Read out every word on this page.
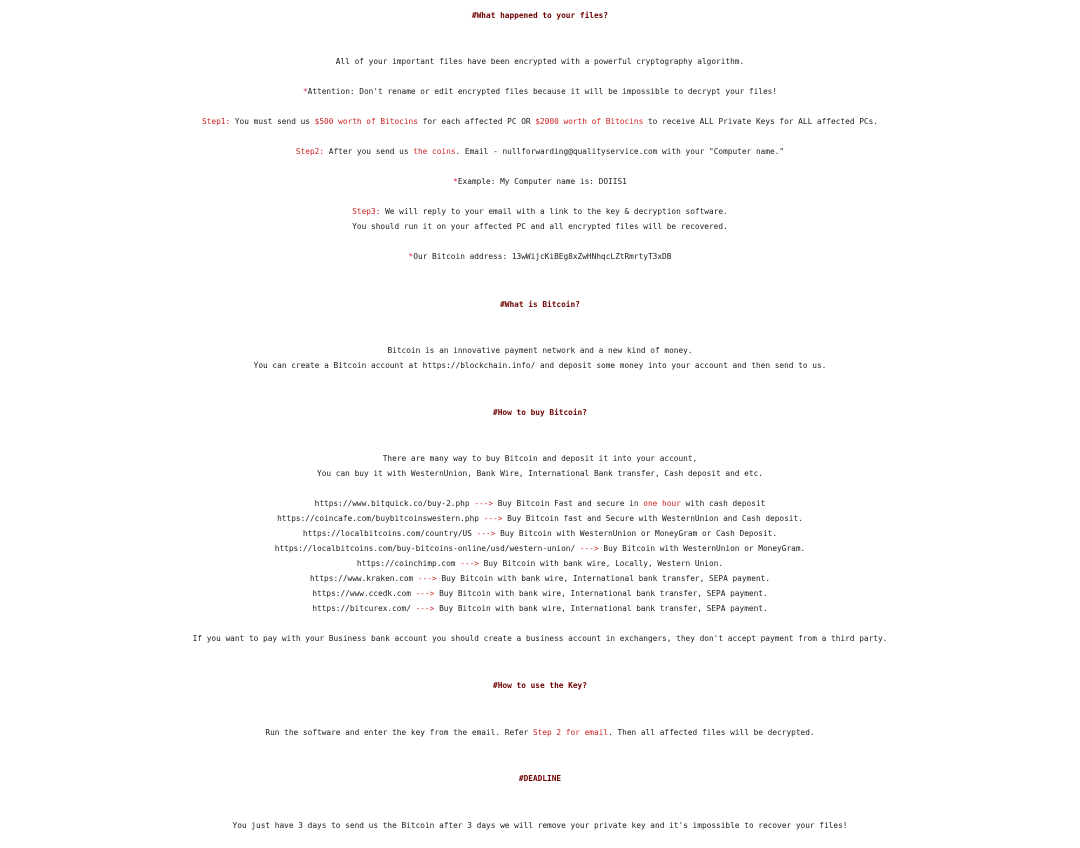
#What happened to your files?
All of your important files have been encrypted with a powerful cryptography algorithm.
*Attention: Don't rename or edit encrypted files because it will be impossible to decrypt your files!
Step1: You must send us $500 worth of Bitocins for each affected PC OR $2000 worth of Bitocins to receive ALL Private Keys for ALL affected PCs.
Step2: After you send us the coins. Email - nullforwarding@qualityservice.com with your "Computer name."
*Example: My Computer name is: DOIIS1
Step3: We will reply to your email with a link to the key & decryption software.
You should run it on your affected PC and all encrypted files will be recovered.
*Our Bitcoin address: 13wWijcKiBEg8xZwHNhqcLZtRmrtyT3xDB
#What is Bitcoin?
Bitcoin is an innovative payment network and a new kind of money.
You can create a Bitcoin account at https://blockchain.info/ and deposit some money into your account and then send to us.
#How to buy Bitcoin?
There are many way to buy Bitcoin and deposit it into your account,
You can buy it with WesternUnion, Bank Wire, International Bank transfer, Cash deposit and etc.
https://www.bitquick.co/buy-2.php ---> Buy Bitcoin Fast and secure in one hour with cash deposit
https://coincafe.com/buybitcoinswestern.php ---> Buy Bitcoin fast and Secure with WesternUnion and Cash deposit.
https://localbitcoins.com/country/US ---> Buy Bitcoin with WesternUnion or MoneyGram or Cash Deposit.
https://localbitcoins.com/buy-bitcoins-online/usd/western-union/ ---> Buy Bitcoin with WesternUnion or MoneyGram.
https://coinchimp.com ---> Buy Bitcoin with bank wire, Locally, Western Union.
https://www.kraken.com ---> Buy Bitcoin with bank wire, International bank transfer, SEPA payment.
https://www.ccedk.com ---> Buy Bitcoin with bank wire, International bank transfer, SEPA payment.
https://bitcurex.com/ ---> Buy Bitcoin with bank wire, International bank transfer, SEPA payment.
If you want to pay with your Business bank account you should create a business account in exchangers, they don't accept payment from a third party.
#How to use the Key?
Run the software and enter the key from the email. Refer Step 2 for email. Then all affected files will be decrypted.
#DEADLINE
You just have 3 days to send us the Bitcoin after 3 days we will remove your private key and it's impossible to recover your files!
